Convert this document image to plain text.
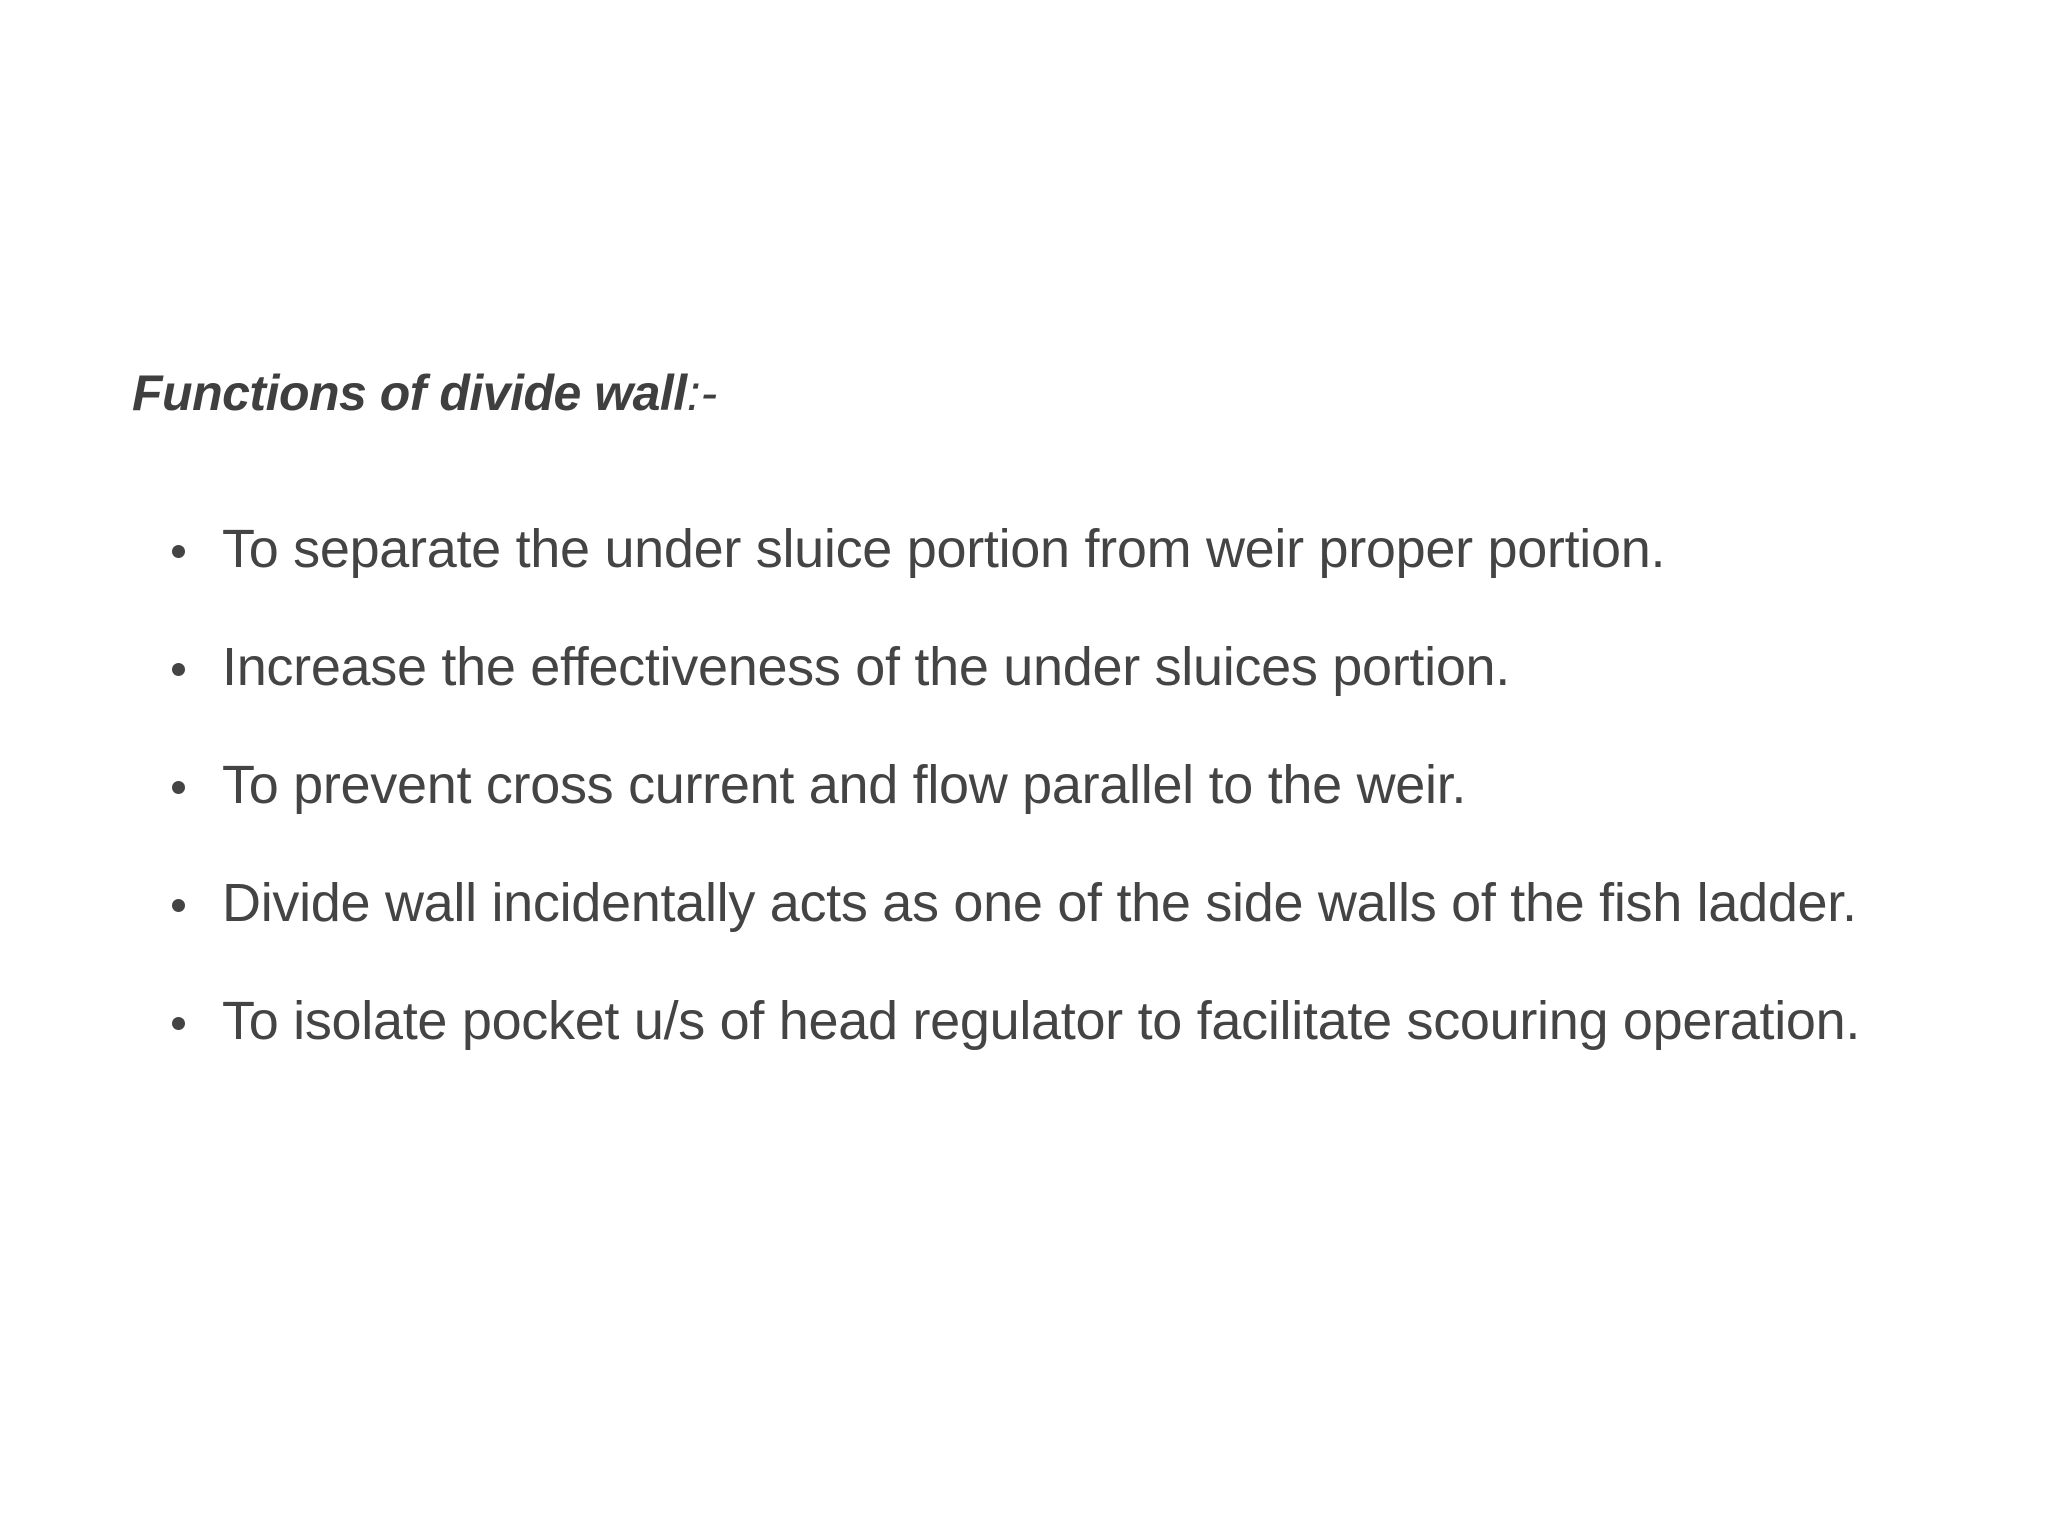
Functions of divide wall:-
To separate the under sluice portion from weir proper portion.
Increase the effectiveness of the under sluices portion.
To prevent cross current and flow parallel to the weir.
Divide wall incidentally acts as one of the side walls of the fish ladder.
To isolate pocket u/s of head regulator to facilitate scouring operation.
